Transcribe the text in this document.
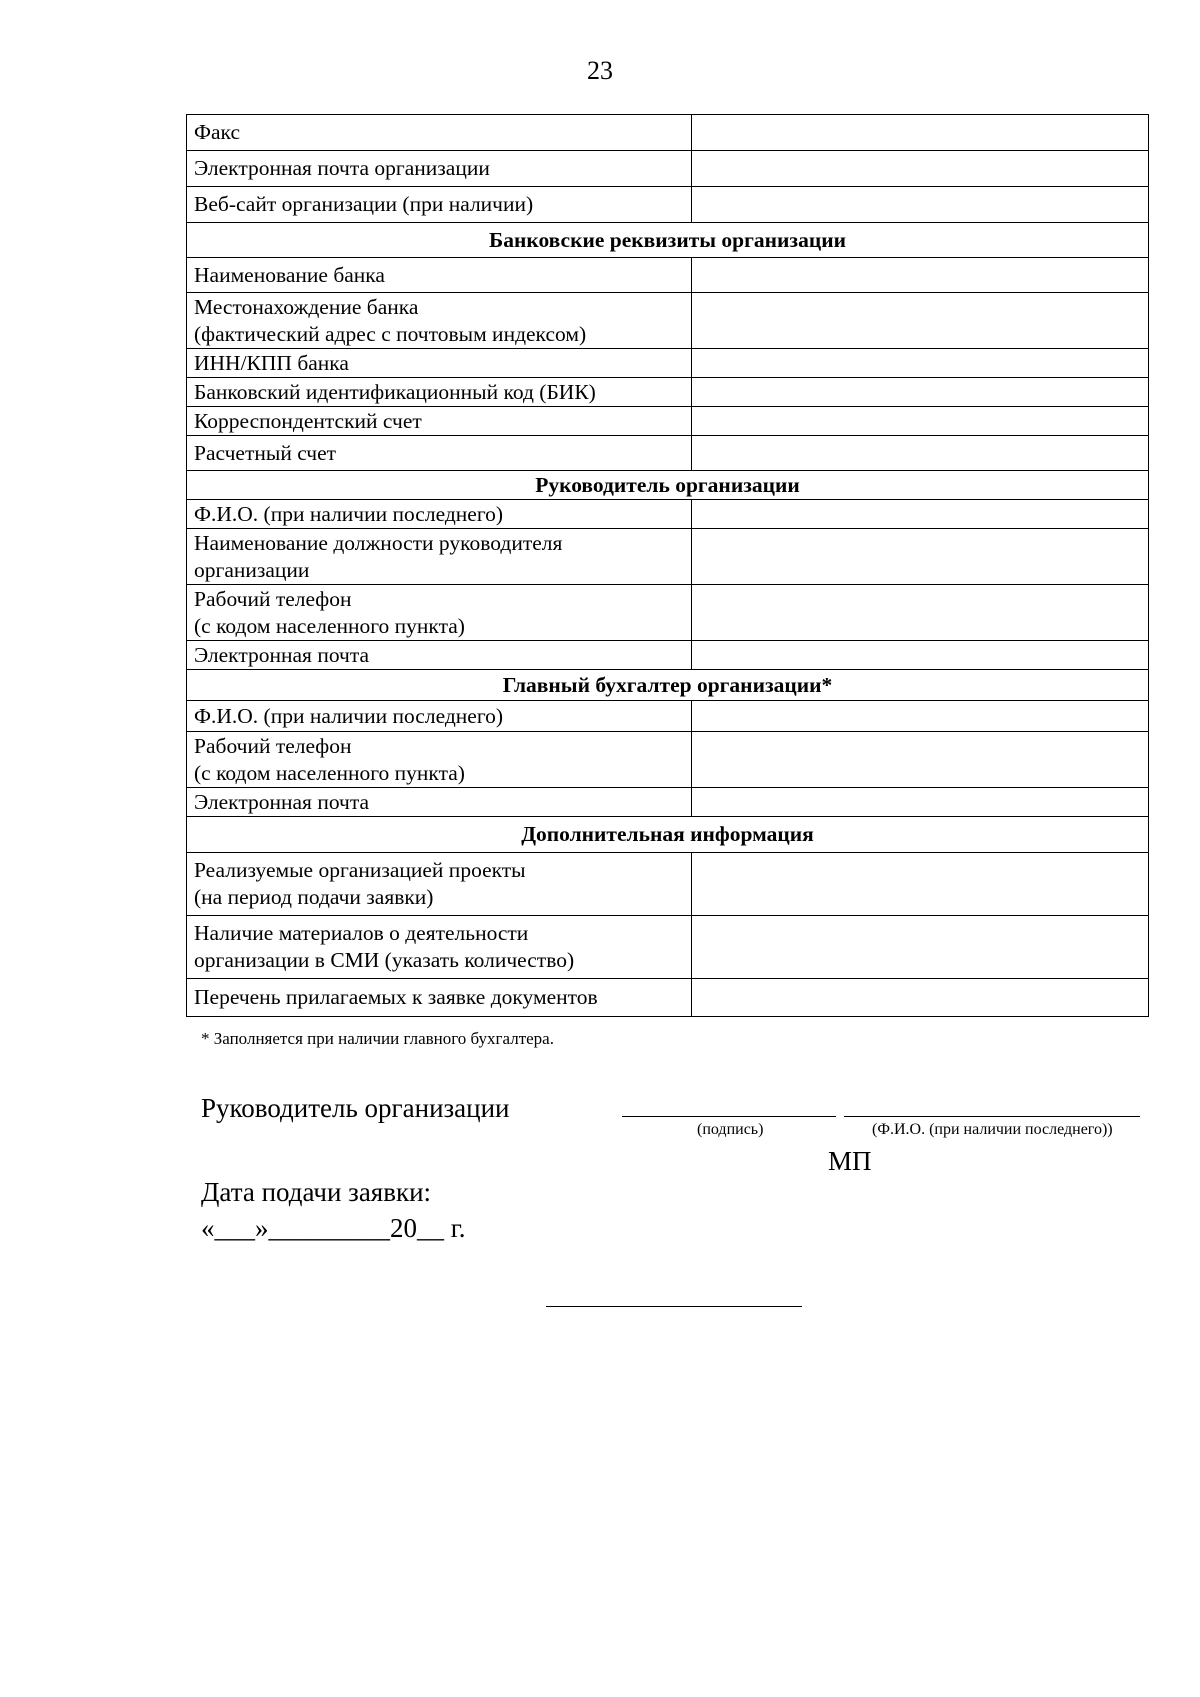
23
Факс	
Электронная почта организации	
Веб-сайт организации (при наличии)	
Банковские реквизиты организации	
Наименование банка	
Местонахождение банка
(фактический адрес с почтовым индексом)	
ИНН/КПП банка	
Банковский идентификационный код (БИК)	
Корреспондентский счет	
Расчетный счет	
Руководитель организации	
Ф.И.О. (при наличии последнего)	
Наименование должности руководителя
организации	
Рабочий телефон
(с кодом населенного пункта)	
Электронная почта	
Главный бухгалтер организации*	
Ф.И.О. (при наличии последнего)	
Рабочий телефон
(с кодом населенного пункта)	
Электронная почта	
Дополнительная информация	
Реализуемые организацией проекты
(на период подачи заявки)	
Наличие материалов о деятельности
организации в СМИ (указать количество)	
Перечень прилагаемых к заявке документов	
* Заполняется при наличии главного бухгалтера.
Руководитель организации
(подпись)	(Ф.И.О. (при наличии последнего))
МП
Дата подачи заявки:
«___»_________20__ г.
